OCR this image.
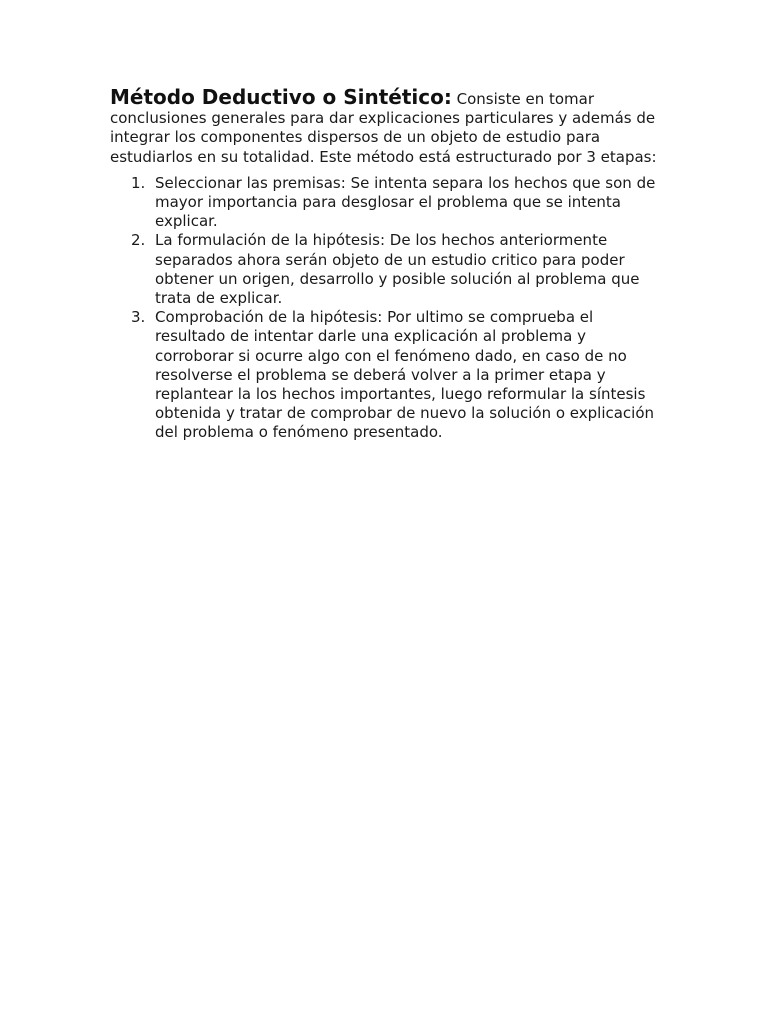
Método Deductivo o Sintético: Consiste en tomar conclusiones generales para dar explicaciones particulares y además de integrar los componentes dispersos de un objeto de estudio para estudiarlos en su totalidad. Este método está estructurado por 3 etapas:

1. Seleccionar las premisas: Se intenta separa los hechos que son de mayor importancia para desglosar el problema que se intenta explicar.
2. La formulación de la hipótesis: De los hechos anteriormente separados ahora serán objeto de un estudio critico para poder obtener un origen, desarrollo y posible solución al problema que trata de explicar.
3. Comprobación de la hipótesis: Por ultimo se comprueba el resultado de intentar darle una explicación al problema y corroborar si ocurre algo con el fenómeno dado, en caso de no resolverse el problema se deberá volver a la primer etapa y replantear la los hechos importantes, luego reformular la síntesis obtenida y tratar de comprobar de nuevo la solución o explicación del problema o fenómeno presentado.
